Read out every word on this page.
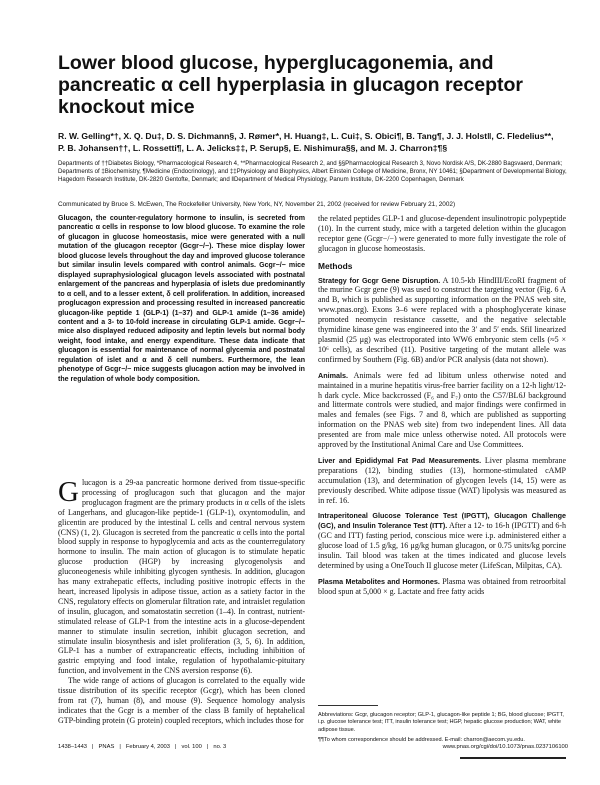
Lower blood glucose, hyperglucagonemia, and pancreatic α cell hyperplasia in glucagon receptor knockout mice
R. W. Gelling*†, X. Q. Du‡, D. S. Dichmann§, J. Rømer*, H. Huang‡, L. Cui‡, S. Obici¶, B. Tang¶, J. J. Holst‖, C. Fledelius**, P. B. Johansen††, L. Rossetti¶, L. A. Jelicks‡‡, P. Serup§, E. Nishimura§§, and M. J. Charron‡¶§
Departments of ††Diabetes Biology, *Pharmacological Research 4, **Pharmacological Research 2, and §§Pharmacological Research 3, Novo Nordisk A/S, DK-2880 Bagsvaerd, Denmark; Departments of ‡Biochemistry, ¶Medicine (Endocrinology), and ‡‡Physiology and Biophysics, Albert Einstein College of Medicine, Bronx, NY 10461; §Department of Developmental Biology, Hagedorn Research Institute, DK-2820 Gentofte, Denmark; and ‖Department of Medical Physiology, Panum Institute, DK-2200 Copenhagen, Denmark
Communicated by Bruce S. McEwen, The Rockefeller University, New York, NY, November 21, 2002 (received for review February 21, 2002)
Glucagon, the counter-regulatory hormone to insulin, is secreted from pancreatic α cells in response to low blood glucose. To examine the role of glucagon in glucose homeostasis, mice were generated with a null mutation of the glucagon receptor (Gcgr−/−). These mice display lower blood glucose levels throughout the day and improved glucose tolerance but similar insulin levels compared with control animals. Gcgr−/− mice displayed supraphysiological glucagon levels associated with postnatal enlargement of the pancreas and hyperplasia of islets due predominantly to α cell, and to a lesser extent, δ cell proliferation. In addition, increased proglucagon expression and processing resulted in increased pancreatic glucagon-like peptide 1 (GLP-1) (1–37) and GLP-1 amide (1–36 amide) content and a 3- to 10-fold increase in circulating GLP-1 amide. Gcgr−/− mice also displayed reduced adiposity and leptin levels but normal body weight, food intake, and energy expenditure. These data indicate that glucagon is essential for maintenance of normal glycemia and postnatal regulation of islet and α and δ cell numbers. Furthermore, the lean phenotype of Gcgr−/− mice suggests glucagon action may be involved in the regulation of whole body composition.
Glucagon is a 29-aa pancreatic hormone derived from tissue-specific processing of proglucagon such that glucagon and the major proglucagon fragment are the primary products in α cells of the islets of Langerhans, and glucagon-like peptide-1 (GLP-1), oxyntomodulin, and glicentin are produced by the intestinal L cells and central nervous system (CNS) (1, 2). Glucagon is secreted from the pancreatic α cells into the portal blood supply in response to hypoglycemia and acts as the counterregulatory hormone to insulin. The main action of glucagon is to stimulate hepatic glucose production (HGP) by increasing glycogenolysis and gluconeogenesis while inhibiting glycogen synthesis. In addition, glucagon has many extrahepatic effects, including positive inotropic effects in the heart, increased lipolysis in adipose tissue, action as a satiety factor in the CNS, regulatory effects on glomerular filtration rate, and intraislet regulation of insulin, glucagon, and somatostatin secretion (1–4). In contrast, nutrient-stimulated release of GLP-1 from the intestine acts in a glucose-dependent manner to stimulate insulin secretion, inhibit glucagon secretion, and stimulate insulin biosynthesis and islet proliferation (3, 5, 6). In addition, GLP-1 has a number of extrapancreatic effects, including inhibition of gastric emptying and food intake, regulation of hypothalamic-pituitary function, and involvement in the CNS aversion response (6).
The wide range of actions of glucagon is correlated to the equally wide tissue distribution of its specific receptor (Gcgr), which has been cloned from rat (7), human (8), and mouse (9). Sequence homology analysis indicates that the Gcgr is a member of the class B family of heptahelical GTP-binding protein (G protein) coupled receptors, which includes those for

the related peptides GLP-1 and glucose-dependent insulinotropic polypeptide (10). In the current study, mice with a targeted deletion within the glucagon receptor gene (Gcgr−/−) were generated to more fully investigate the role of glucagon in glucose homeostasis.

Methods

Strategy for Gcgr Gene Disruption. A 10.5-kb HindIII/EcoRI fragment of the murine Gcgr gene (9) was used to construct the targeting vector (Fig. 6 A and B, which is published as supporting information on the PNAS web site, www.pnas.org). Exons 3–6 were replaced with a phosphoglycerate kinase promoted neomycin resistance cassette, and the negative selectable thymidine kinase gene was engineered into the 3′ and 5′ ends. SfiI linearized plasmid (25 μg) was electroporated into WW6 embryonic stem cells (≈5 × 10⁶ cells), as described (11). Positive targeting of the mutant allele was confirmed by Southern (Fig. 6B) and/or PCR analysis (data not shown).

Animals. Animals were fed ad libitum unless otherwise noted and maintained in a murine hepatitis virus-free barrier facility on a 12-h light/12-h dark cycle. Mice backcrossed (F₆ and F₇) onto the C57/BL6J background and littermate controls were studied, and major findings were confirmed in males and females (see Figs. 7 and 8, which are published as supporting information on the PNAS web site) from two independent lines. All data presented are from male mice unless otherwise noted. All protocols were approved by the Institutional Animal Care and Use Committees.

Liver and Epididymal Fat Pad Measurements. Liver plasma membrane preparations (12), binding studies (13), hormone-stimulated cAMP accumulation (13), and determination of glycogen levels (14, 15) were as previously described. White adipose tissue (WAT) lipolysis was measured as in ref. 16.

Intraperitoneal Glucose Tolerance Test (IPGTT), Glucagon Challenge (GC), and Insulin Tolerance Test (ITT). After a 12- to 16-h (IPGTT) and 6-h (GC and ITT) fasting period, conscious mice were i.p. administered either a glucose load of 1.5 g/kg, 16 μg/kg human glucagon, or 0.75 units/kg porcine insulin. Tail blood was taken at the times indicated and glucose levels determined by using a OneTouch II glucose meter (LifeScan, Milpitas, CA).

Plasma Metabolites and Hormones. Plasma was obtained from retroorbital blood spun at 5,000 × g. Lactate and free fatty acids

Abbreviations: Gcgr, glucagon receptor; GLP-1, glucagon-like peptide 1; BG, blood glucose; IPGTT, i.p. glucose tolerance test; ITT, insulin tolerance test; HGP, hepatic glucose production; WAT, white adipose tissue.

¶¶To whom correspondence should be addressed. E-mail: charron@aecom.yu.edu.

1438–1443 | PNAS | February 4, 2003 | vol. 100 | no. 3	www.pnas.org/cgi/doi/10.1073/pnas.0237106100
